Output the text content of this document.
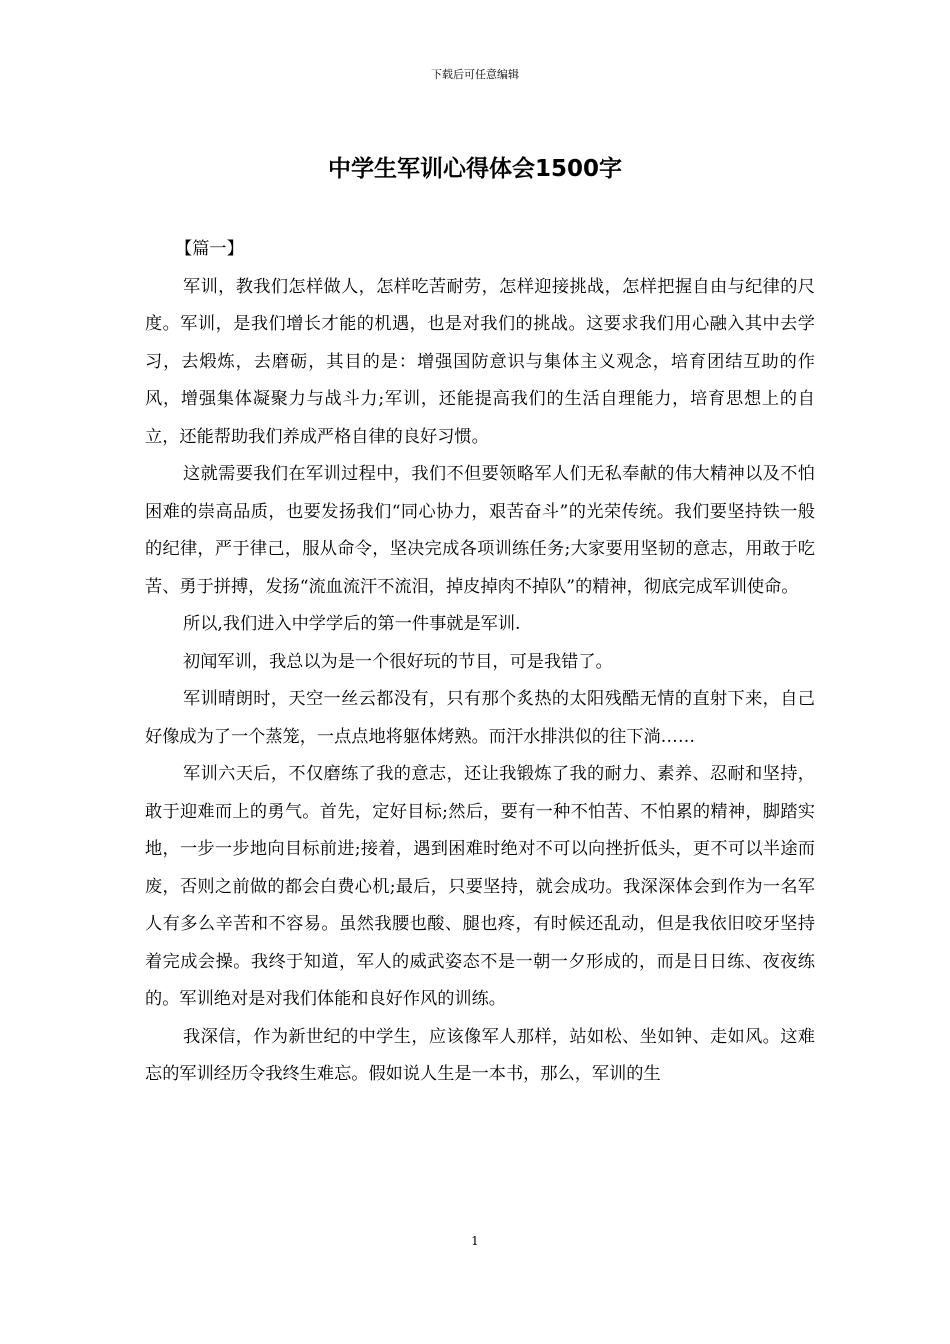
下载后可任意编辑
中学生军训心得体会1500字

【篇一】

军训，教我们怎样做人，怎样吃苦耐劳，怎样迎接挑战，怎样把握自由与纪律的尺度。军训，是我们增长才能的机遇，也是对我们的挑战。这要求我们用心融入其中去学习，去煅炼，去磨砺，其目的是：增强国防意识与集体主义观念，培育团结互助的作风，增强集体凝聚力与战斗力;军训，还能提高我们的生活自理能力，培育思想上的自立，还能帮助我们养成严格自律的良好习惯。

这就需要我们在军训过程中，我们不但要领略军人们无私奉献的伟大精神以及不怕困难的崇高品质，也要发扬我们“同心协力，艰苦奋斗”的光荣传统。我们要坚持铁一般的纪律，严于律己，服从命令，坚决完成各项训练任务;大家要用坚韧的意志，用敢于吃苦、勇于拼搏，发扬“流血流汗不流泪，掉皮掉肉不掉队”的精神，彻底完成军训使命。

所以,我们进入中学学后的第一件事就是军训.

初闻军训，我总以为是一个很好玩的节目，可是我错了。

军训晴朗时，天空一丝云都没有，只有那个炙热的太阳残酷无情的直射下来，自己好像成为了一个蒸笼，一点点地将躯体烤熟。而汗水排洪似的往下淌……

军训六天后，不仅磨练了我的意志，还让我锻炼了我的耐力、素养、忍耐和坚持，敢于迎难而上的勇气。首先，定好目标;然后，要有一种不怕苦、不怕累的精神，脚踏实地，一步一步地向目标前进;接着，遇到困难时绝对不可以向挫折低头，更不可以半途而废，否则之前做的都会白费心机;最后，只要坚持，就会成功。我深深体会到作为一名军人有多么辛苦和不容易。虽然我腰也酸、腿也疼，有时候还乱动，但是我依旧咬牙坚持着完成会操。我终于知道，军人的威武姿态不是一朝一夕形成的，而是日日练、夜夜练的。军训绝对是对我们体能和良好作风的训练。

我深信，作为新世纪的中学生，应该像军人那样，站如松、坐如钟、走如风。这难忘的军训经历令我终生难忘。假如说人生是一本书，那么，军训的生

1
